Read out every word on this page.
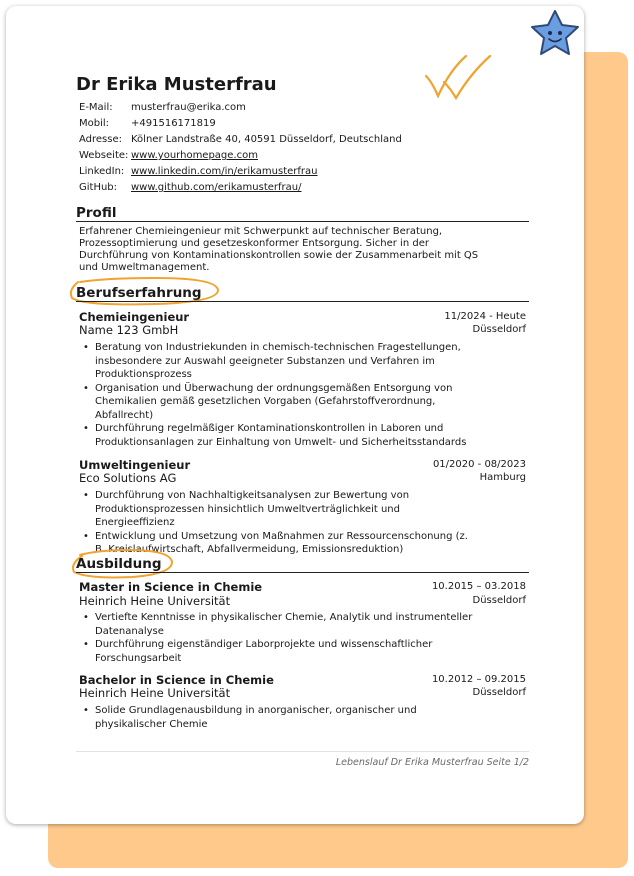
Dr Erika Musterfrau
E-Mail:	musterfrau@erika.com
Mobil:	+491516171819
Adresse: Kölner Landstraße 40, 40591 Düsseldorf, Deutschland
Webseite: www.yourhomepage.com
LinkedIn: www.linkedin.com/in/erikamusterfrau
GitHub:	www.github.com/erikamusterfrau/
Profil
Erfahrener Chemieingenieur mit Schwerpunkt auf technischer Beratung, Prozessoptimierung und gesetzeskonformer Entsorgung. Sicher in der Durchführung von Kontaminationskontrollen sowie der Zusammenarbeit mit QS und Umweltmanagement.
Berufserfahrung
Chemieingenieur	11/2024 - Heute
Name 123 GmbH	Düsseldorf
• Beratung von Industriekunden in chemisch-technischen Fragestellungen, insbesondere zur Auswahl geeigneter Substanzen und Verfahren im Produktionsprozess
• Organisation und Überwachung der ordnungsgemäßen Entsorgung von Chemikalien gemäß gesetzlichen Vorgaben (Gefahrstoffverordnung, Abfallrecht)
• Durchführung regelmäßiger Kontaminationskontrollen in Laboren und Produktionsanlagen zur Einhaltung von Umwelt- und Sicherheitsstandards
Umweltingenieur	01/2020 - 08/2023
Eco Solutions AG	Hamburg
• Durchführung von Nachhaltigkeitsanalysen zur Bewertung von Produktionsprozessen hinsichtlich Umweltverträglichkeit und Energieeffizienz
• Entwicklung und Umsetzung von Maßnahmen zur Ressourcenschonung (z. B. Kreislaufwirtschaft, Abfallvermeidung, Emissionsreduktion)
Ausbildung
Master in Science in Chemie	10.2015 – 03.2018
Heinrich Heine Universität	Düsseldorf
• Vertiefte Kenntnisse in physikalischer Chemie, Analytik und instrumenteller Datenanalyse
• Durchführung eigenständiger Laborprojekte und wissenschaftlicher Forschungsarbeit
Bachelor in Science in Chemie	10.2012 – 09.2015
Heinrich Heine Universität	Düsseldorf
• Solide Grundlagenausbildung in anorganischer, organischer und physikalischer Chemie
Lebenslauf Dr Erika Musterfrau Seite 1/2
